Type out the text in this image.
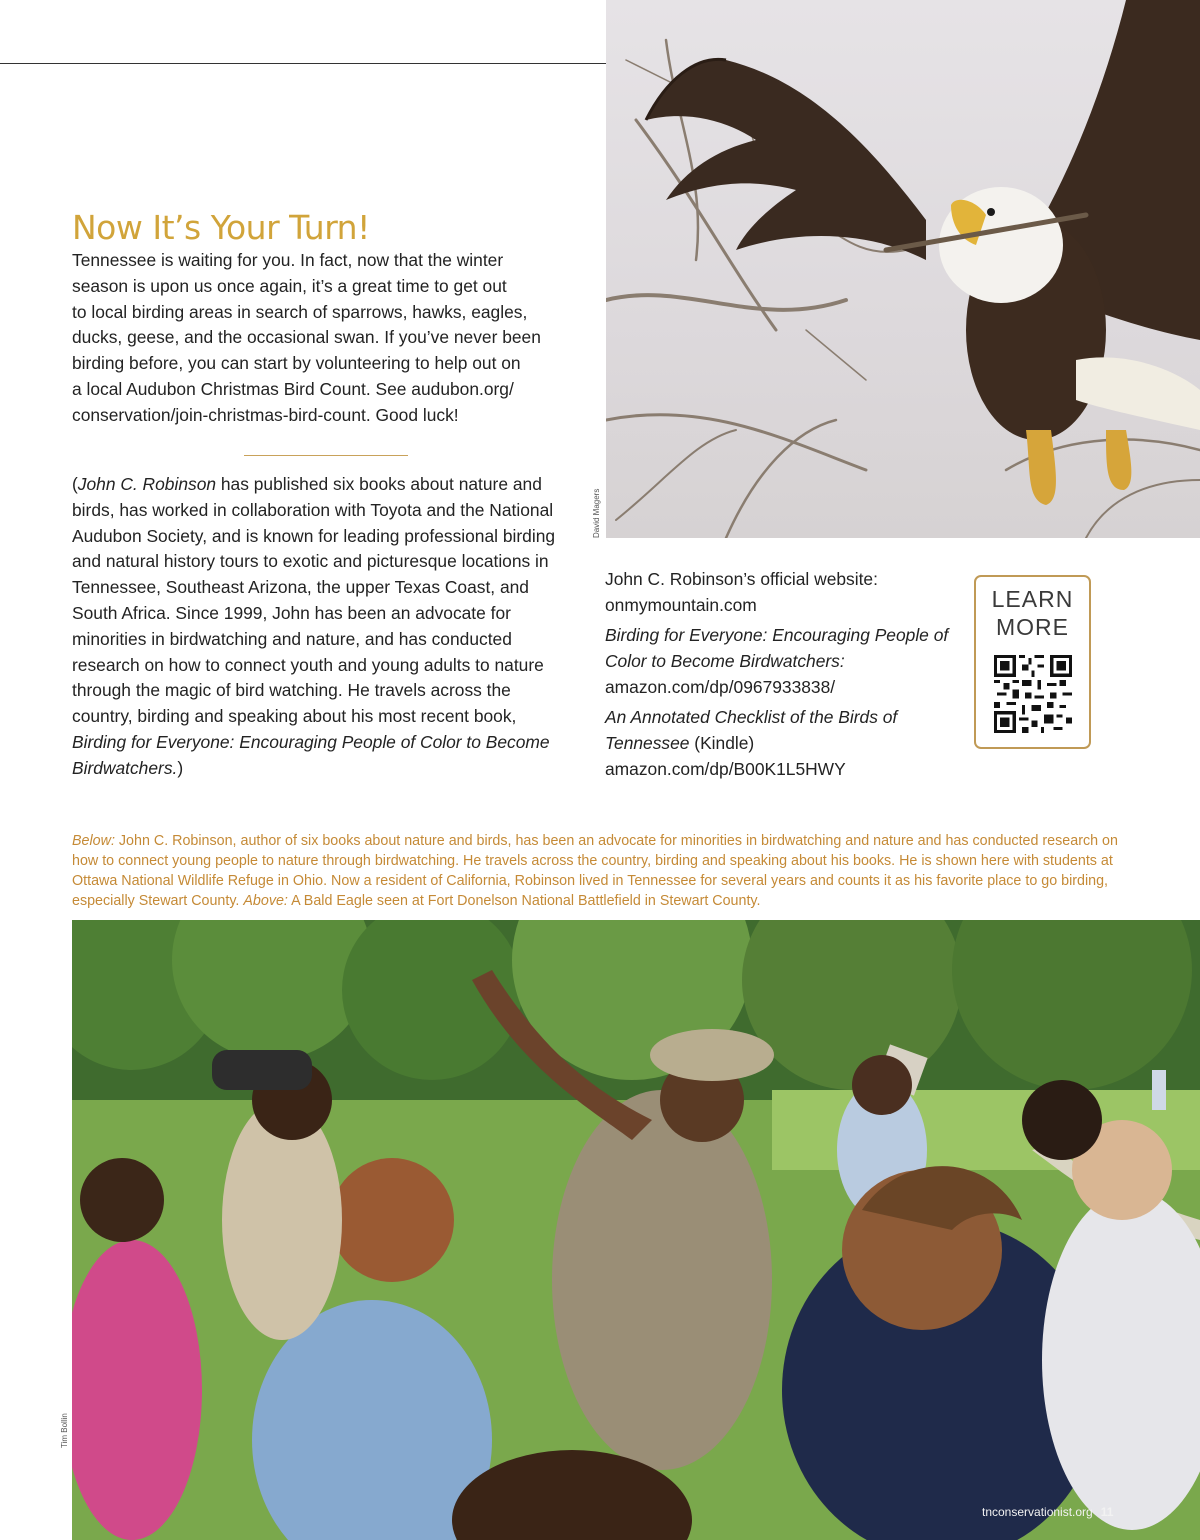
David Magers
Now It’s Your Turn!
Tennessee is waiting for you. In fact, now that the winter
season is upon us once again, it’s a great time to get out
to local birding areas in search of sparrows, hawks, eagles,
ducks, geese, and the occasional swan. If you’ve never been
birding before, you can start by volunteering to help out on
a local Audubon Christmas Bird Count. See audubon.org/
conservation/join-christmas-bird-count. Good luck!

(John C. Robinson has published six books about nature and birds, has worked in collaboration with Toyota and the National Audubon Society, and is known for leading professional birding and natural history tours to exotic and picturesque locations in Tennessee, Southeast Arizona, the upper Texas Coast, and South Africa. Since 1999, John has been an advocate for minorities in birdwatching and nature, and has conducted research on how to connect youth and young adults to nature through the magic of bird watching. He travels across the country, birding and speaking about his most recent book, Birding for Everyone: Encouraging People of Color to Become Birdwatchers.)

John C. Robinson’s official website:
onmymountain.com
Birding for Everyone: Encouraging People of Color to Become Birdwatchers:
amazon.com/dp/0967933838/
An Annotated Checklist of the Birds of Tennessee (Kindle)
amazon.com/dp/B00K1L5HWY
LEARN
MORE

Below: John C. Robinson, author of six books about nature and birds, has been an advocate for minorities in birdwatching and nature and has conducted research on how to connect young people to nature through birdwatching. He travels across the country, birding and speaking about his books. He is shown here with students at Ottawa National Wildlife Refuge in Ohio. Now a resident of California, Robinson lived in Tennessee for several years and counts it as his favorite place to go birding, especially Stewart County. Above: A Bald Eagle seen at Fort Donelson National Battlefield in Stewart County.

Tim Bollin
tnconservationist.org 11
